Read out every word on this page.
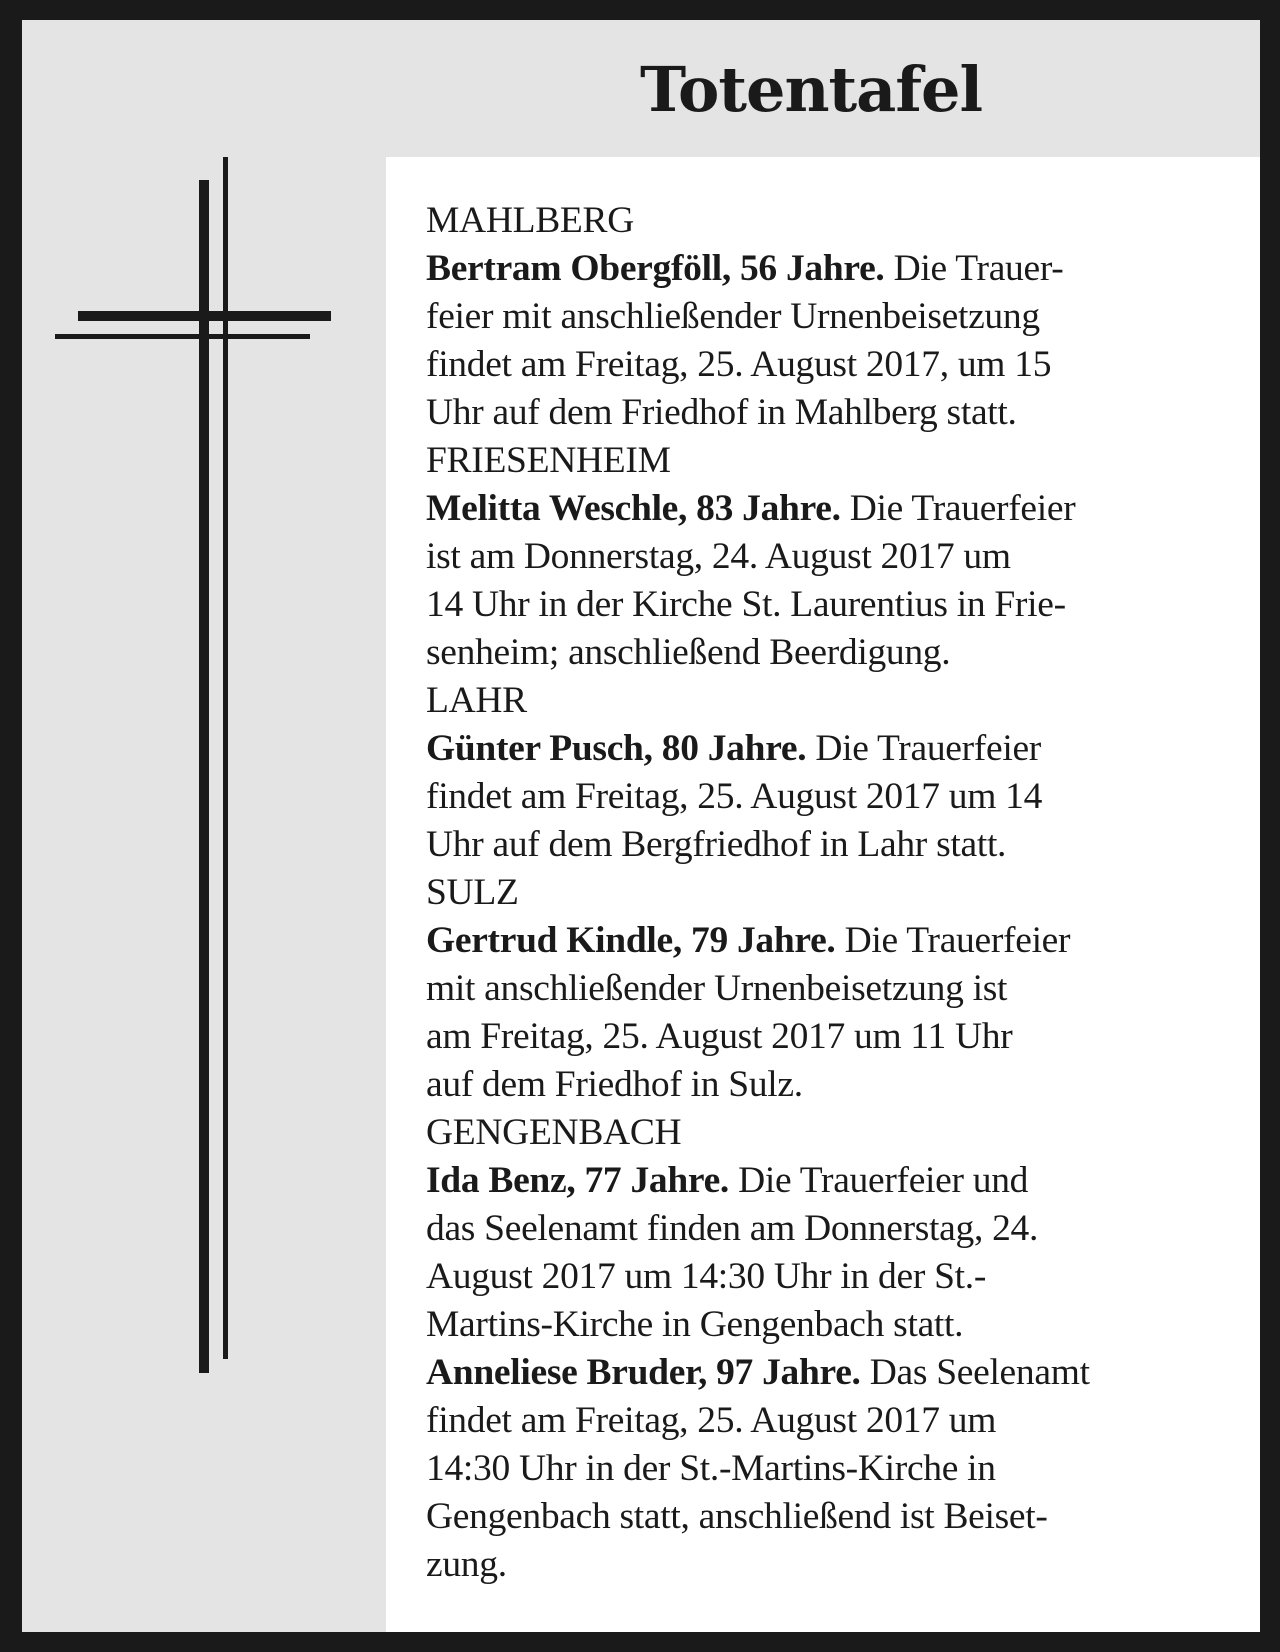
Totentafel
MAHLBERG
Bertram Obergföll, 56 Jahre. Die Trauer-
feier mit anschließender Urnenbeisetzung
findet am Freitag, 25. August 2017, um 15
Uhr auf dem Friedhof in Mahlberg statt.
FRIESENHEIM
Melitta Weschle, 83 Jahre. Die Trauerfeier
ist am Donnerstag, 24. August 2017 um
14 Uhr in der Kirche St. Laurentius in Frie-
senheim; anschließend Beerdigung.
LAHR
Günter Pusch, 80 Jahre. Die Trauerfeier
findet am Freitag, 25. August 2017 um 14
Uhr auf dem Bergfriedhof in Lahr statt.
SULZ
Gertrud Kindle, 79 Jahre. Die Trauerfeier
mit anschließender Urnenbeisetzung ist
am Freitag, 25. August 2017 um 11 Uhr
auf dem Friedhof in Sulz.
GENGENBACH
Ida Benz, 77 Jahre. Die Trauerfeier und
das Seelenamt finden am Donnerstag, 24.
August 2017 um 14:30 Uhr in der St.-
Martins-Kirche in Gengenbach statt.
Anneliese Bruder, 97 Jahre. Das Seelenamt
findet am Freitag, 25. August 2017 um
14:30 Uhr in der St.-Martins-Kirche in
Gengenbach statt, anschließend ist Beiset-
zung.
